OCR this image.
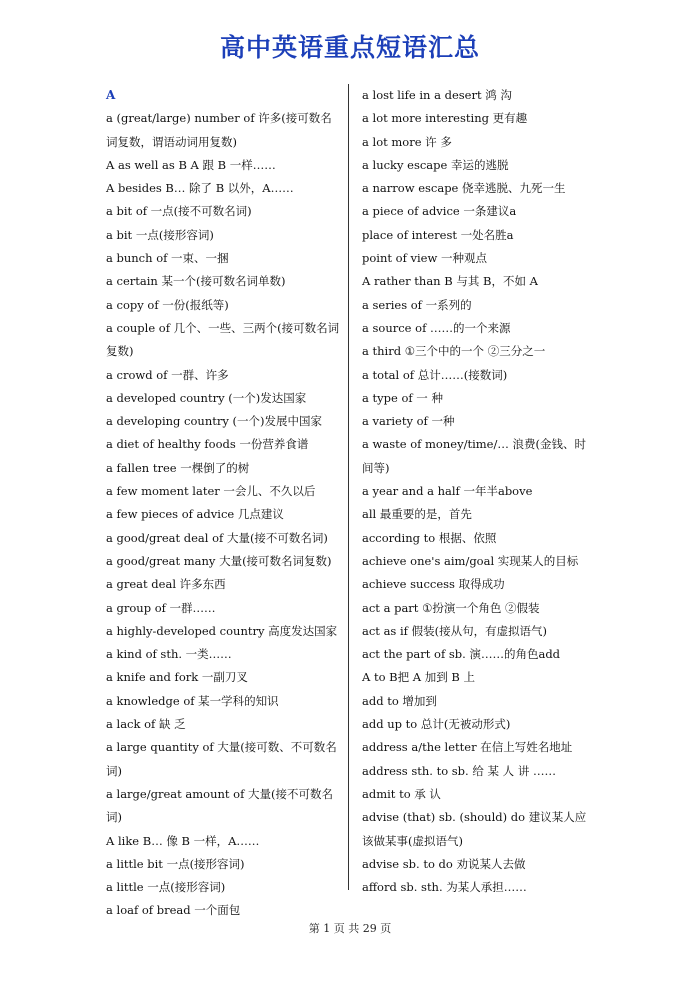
高中英语重点短语汇总
A
a (great/large) number of 许多(接可数名词复数，谓语动词用复数)
A as well as B A 跟 B 一样……
A besides B… 除了 B 以外，A……
a bit of 一点(接不可数名词)
a bit 一点(接形容词)
a bunch of 一束、一捆
a certain 某一个(接可数名词单数)
a copy of 一份(报纸等)
a couple of 几个、一些、三两个(接可数名词复数)
a crowd of 一群、许多
a developed country (一个)发达国家
a developing country (一个)发展中国家
a diet of healthy foods 一份营养食谱
a fallen tree 一棵倒了的树
a few moment later 一会儿、不久以后
a few pieces of advice 几点建议
a good/great deal of 大量(接不可数名词)
a good/great many 大量(接可数名词复数)
a great deal 许多东西
a group of 一群……
a highly-developed country 高度发达国家
a kind of sth. 一类……
a knife and fork 一副刀叉
a knowledge of 某一学科的知识
a lack of 缺 乏
a large quantity of 大量(接可数、不可数名词)
a large/great amount of 大量(接不可数名词)
A like B… 像 B 一样，A……
a little bit 一点(接形容词)
a little 一点(接形容词)
a loaf of bread 一个面包
a lost life in a desert 鸿 沟
a lot more interesting 更有趣
a lot more 许 多
a lucky escape 幸运的逃脱
a narrow escape 侥幸逃脱、九死一生
a piece of advice 一条建议a
place of interest 一处名胜a
point of view 一种观点
A rather than B 与其 B，不如 A
a series of 一系列的
a source of ……的一个来源
a third ①三个中的一个 ②三分之一
a total of 总计……(接数词)
a type of 一 种
a variety of 一种
a waste of money/time/… 浪费(金钱、时间等)
a year and a half 一年半above
all 最重要的是，首先
according to 根据、依照
achieve one's aim/goal 实现某人的目标
achieve success 取得成功
act a part ①扮演一个角色 ②假装
act as if 假装(接从句，有虚拟语气)
act the part of sb. 演……的角色add
A to B把 A 加到 B 上
add to 增加到
add up to 总计(无被动形式)
address a/the letter 在信上写姓名地址
address sth. to sb. 给 某 人 讲 ……
admit to 承 认
advise (that) sb. (should) do 建议某人应该做某事(虚拟语气)
advise sb. to do 劝说某人去做
afford sb. sth. 为某人承担……
第 1 页 共 29 页
